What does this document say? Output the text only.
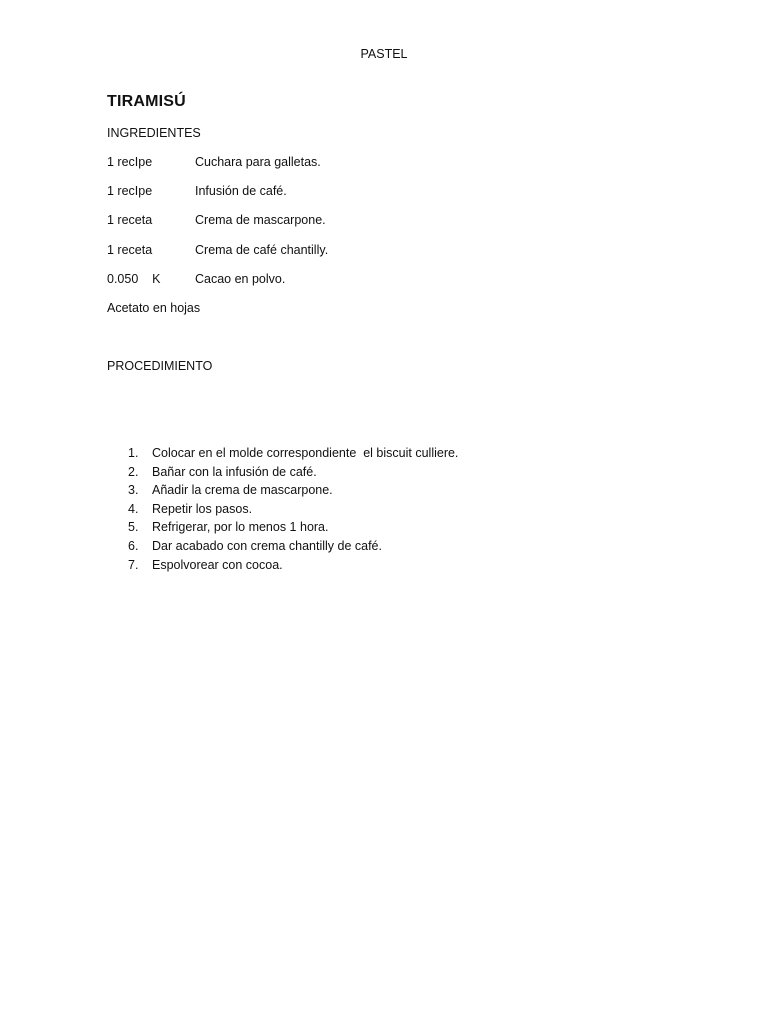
PASTEL
TIRAMISÚ
INGREDIENTES
1 recIpe	Cuchara para galletas.
1 recIpe	Infusión de café.
1 receta	Crema de mascarpone.
1 receta	Crema de café chantilly.
0.050    K	Cacao en polvo.
Acetato en hojas
PROCEDIMIENTO
1. Colocar en el molde correspondiente  el biscuit culliere.
2. Bañar con la infusión de café.
3. Añadir la crema de mascarpone.
4. Repetir los pasos.
5. Refrigerar, por lo menos 1 hora.
6. Dar acabado con crema chantilly de café.
7. Espolvorear con cocoa.
